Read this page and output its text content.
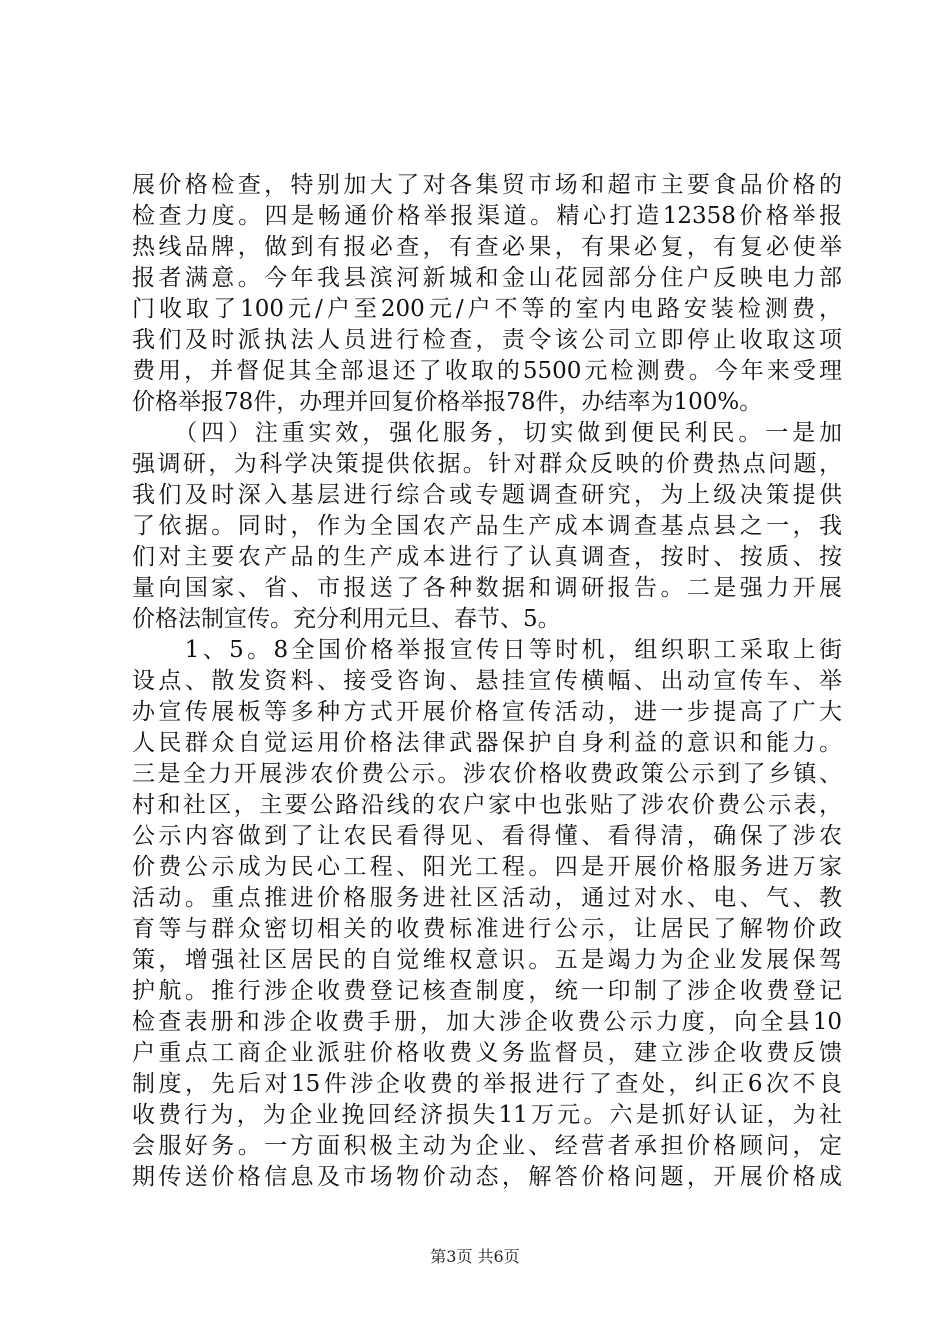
展价格检查，特别加大了对各集贸市场和超市主要食品价格的
检查力度。四是畅通价格举报渠道。精心打造12358价格举报
热线品牌，做到有报必查，有查必果，有果必复，有复必使举
报者满意。今年我县滨河新城和金山花园部分住户反映电力部
门收取了100元/户至200元/户不等的室内电路安装检测费，
我们及时派执法人员进行检查，责令该公司立即停止收取这项
费用，并督促其全部退还了收取的5500元检测费。今年来受理
价格举报78件，办理并回复价格举报78件，办结率为100%。
　　（四）注重实效，强化服务，切实做到便民利民。一是加
强调研，为科学决策提供依据。针对群众反映的价费热点问题，
我们及时深入基层进行综合或专题调查研究，为上级决策提供
了依据。同时，作为全国农产品生产成本调查基点县之一，我
们对主要农产品的生产成本进行了认真调查，按时、按质、按
量向国家、省、市报送了各种数据和调研报告。二是强力开展
价格法制宣传。充分利用元旦、春节、5。
　　1、5。8全国价格举报宣传日等时机，组织职工采取上街
设点、散发资料、接受咨询、悬挂宣传横幅、出动宣传车、举
办宣传展板等多种方式开展价格宣传活动，进一步提高了广大
人民群众自觉运用价格法律武器保护自身利益的意识和能力。
三是全力开展涉农价费公示。涉农价格收费政策公示到了乡镇、
村和社区，主要公路沿线的农户家中也张贴了涉农价费公示表，
公示内容做到了让农民看得见、看得懂、看得清，确保了涉农
价费公示成为民心工程、阳光工程。四是开展价格服务进万家
活动。重点推进价格服务进社区活动，通过对水、电、气、教
育等与群众密切相关的收费标准进行公示，让居民了解物价政
策，增强社区居民的自觉维权意识。五是竭力为企业发展保驾
护航。推行涉企收费登记核查制度，统一印制了涉企收费登记
检查表册和涉企收费手册，加大涉企收费公示力度，向全县10
户重点工商企业派驻价格收费义务监督员，建立涉企收费反馈
制度，先后对15件涉企收费的举报进行了查处，纠正6次不良
收费行为，为企业挽回经济损失11万元。六是抓好认证，为社
会服好务。一方面积极主动为企业、经营者承担价格顾问，定
期传送价格信息及市场物价动态，解答价格问题，开展价格成
第3页 共6页
